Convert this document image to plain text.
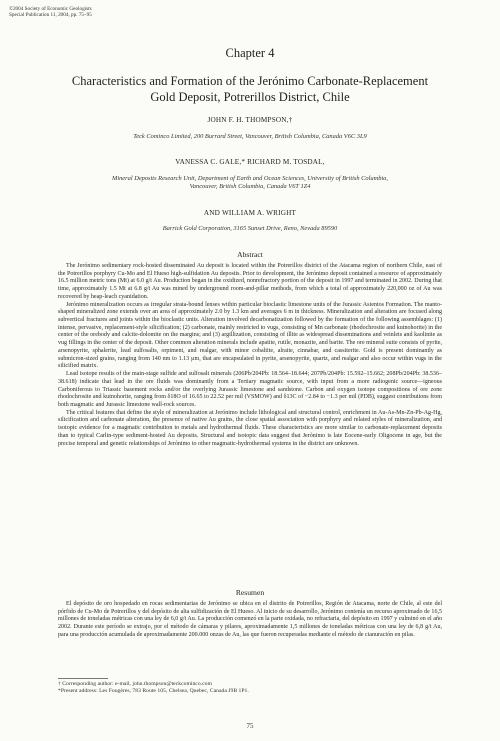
©2004 Society of Economic Geologists
Special Publication 11, 2004, pp. 75–95
Chapter 4
Characteristics and Formation of the Jerónimo Carbonate-Replacement
Gold Deposit, Potrerillos District, Chile
JOHN F. H. THOMPSON,†
Teck Cominco Limited, 200 Burrard Street, Vancouver, British Columbia, Canada V6C 3L9
VANESSA C. GALE,* RICHARD M. TOSDAL,
Mineral Deposits Research Unit, Department of Earth and Ocean Sciences, University of British Columbia,
Vancouver, British Columbia, Canada V6T 1Z4
AND WILLIAM A. WRIGHT
Barrick Gold Corporation, 3165 Sunset Drive, Reno, Nevada 89590
Abstract

The Jerónimo sedimentary rock-hosted disseminated Au deposit is located within the Potrerillos district of the Atacama region of northern Chile, east of the Potrerillos porphyry Cu-Mo and El Hueso high-sulfidation Au deposits. Prior to development, the Jerónimo deposit contained a resource of approximately 16.5 million metric tons (Mt) at 6.0 g/t Au. Production began in the oxidized, nonrefractory portion of the deposit in 1997 and terminated in 2002. During that time, approximately 1.5 Mt at 6.8 g/t Au was mined by underground room-and-pillar methods, from which a total of approximately 220,000 oz of Au was recovered by heap-leach cyanidation.

Jerónimo mineralization occurs as irregular strata-bound lenses within particular bioclastic limestone units of the Jurassic Asientos Formation. The manto-shaped mineralized zone extends over an area of approximately 2.0 by 1.3 km and averages 6 m in thickness. Mineralization and alteration are focused along subvertical fractures and joints within the bioclastic units. Alteration involved decarbonatization followed by the formation of the following assemblages: (1) intense, pervasive, replacement-style silicification; (2) carbonate, mainly restricted to vugs, consisting of Mn carbonate (rhodochrosite and kutnohorite) in the center of the orebody and calcite-dolomite on the margins; and (3) argillization, consisting of illite as widespread disseminations and veinlets and kaolinite as vug fillings in the center of the deposit. Other common alteration minerals include apatite, rutile, monazite, and barite. The ore mineral suite consists of pyrite, arsenopyrite, sphalerite, lead sulfosalts, orpiment, and realgar, with minor cobaltite, alraite, cinnabar, and cassiterite. Gold is present dominantly as submicron-sized grains, ranging from 140 nm to 1.13 µm, that are encapsulated in pyrite, arsenopyrite, quartz, and realgar and also occur within vugs in the silicified matrix.

Lead isotope results of the main-stage sulfide and sulfosalt minerals (206Pb/204Pb: 18.564–18.644; 207Pb/204Pb: 15.592–15.662; 208Pb/204Pb: 38.536–38.618) indicate that lead in the ore fluids was dominantly from a Tertiary magmatic source, with input from a more radiogenic source—igneous Carboniferous to Triassic basement rocks and/or the overlying Jurassic limestone and sandstone. Carbon and oxygen isotope compositions of ore zone rhodochrosite and kutnohorite, ranging from δ18O of 16.65 to 22.52 per mil (VSMOW) and δ13C of −2.84 to −1.3 per mil (PDB), suggest contributions from both magmatic and Jurassic limestone wall-rock sources.

The critical features that define the style of mineralization at Jerónimo include lithological and structural control, enrichment in Au-As-Mn-Zn-Pb-Ag-Hg, silicification and carbonate alteration, the presence of native Au grains, the close spatial association with porphyry and related styles of mineralization, and isotopic evidence for a magmatic contribution to metals and hydrothermal fluids. These characteristics are more similar to carbonate-replacement deposits than to typical Carlin-type sediment-hosted Au deposits. Structural and isotopic data suggest that Jerónimo is late Eocene-early Oligocene in age, but the precise temporal and genetic relationships of Jerónimo to other magmatic-hydrothermal systems in the district are unknown.

Resumen

El depósito de oro hospedado en rocas sedimentarias de Jerónimo se ubica en el distrito de Potrerillos, Región de Atacama, norte de Chile, al este del pórfido de Cu-Mo de Potrerillos y del depósito de alta sulfidización de El Hueso. Al inicio de su desarrollo, Jerónimo contenía un recurso aproximado de 16,5 millones de toneladas métricas con una ley de 6,0 g/t Au. La producción comenzó en la parte oxidada, no refractaria, del depósito en 1997 y culminó en el año 2002. Durante este período se extrajo, por el método de cámaras y pilares, aproximadamente 1,5 millones de toneladas métricas con una ley de 6,8 g/t Au, para una producción acumulada de aproximadamente 200.000 onzas de Au, las que fueron recuperadas mediante el método de cianuración en pilas.

† Corresponding author: e-mail, john.thompson@teckcominco.com
*Present address: Les Fougères, 783 Route 105, Chelsea, Quebec, Canada J9B 1P1.
75
